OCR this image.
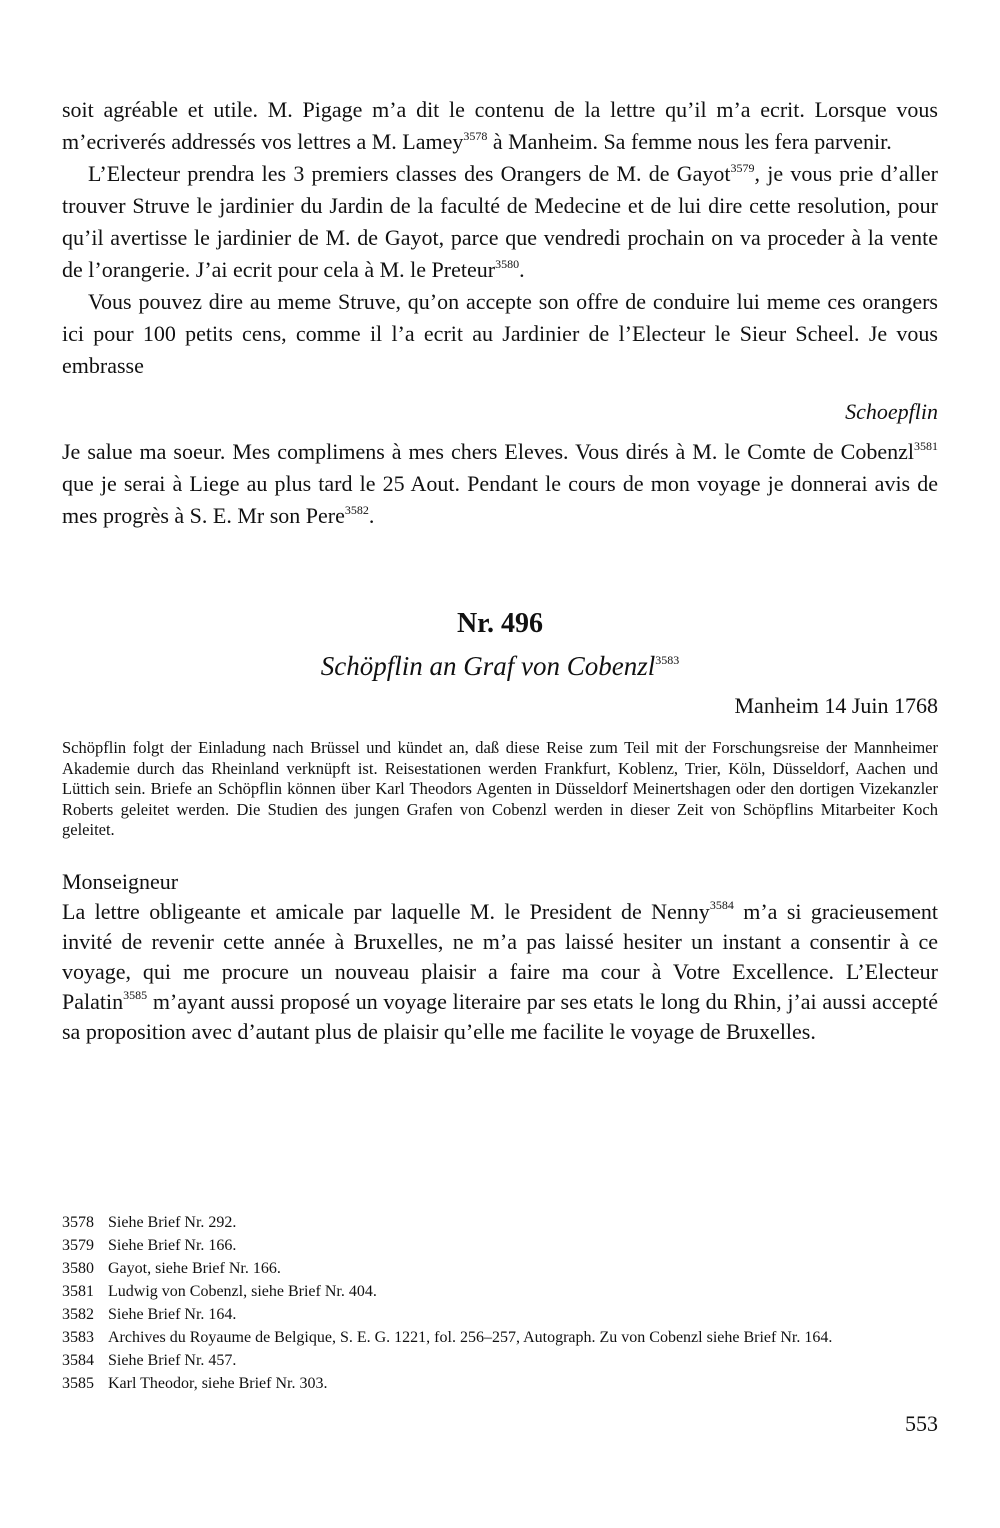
soit agréable et utile. M. Pigage m’a dit le contenu de la lettre qu’il m’a ecrit. Lorsque vous m’ecriverés addressés vos lettres a M. Lamey$^{3578}$ à Manheim. Sa femme nous les fera parvenir.

L’Electeur prendra les 3 premiers classes des Orangers de M. de Gayot$^{3579}$, je vous prie d’aller trouver Struve le jardinier du Jardin de la faculté de Medecine et de lui dire cette resolution, pour qu’il avertisse le jardinier de M. de Gayot, parce que vendredi prochain on va proceder à la vente de l’orangerie. J’ai ecrit pour cela à M. le Preteur$^{3580}$.

Vous pouvez dire au meme Struve, qu’on accepte son offre de conduire lui meme ces orangers ici pour 100 petits cens, comme il l’a ecrit au Jardinier de l’Electeur le Sieur Scheel. Je vous embrasse

Schoepflin

Je salue ma soeur. Mes complimens à mes chers Eleves. Vous dirés à M. le Comte de Cobenzl$^{3581}$ que je serai à Liege au plus tard le 25 Aout. Pendant le cours de mon voyage je donnerai avis de mes progrès à S. E. Mr son Pere$^{3582}$.

Nr. 496
Schöpflin an Graf von Cobenzl$^{3583}$
Manheim 14 Juin 1768
Schöpflin folgt der Einladung nach Brüssel und kündet an, daß diese Reise zum Teil mit der Forschungsreise der Mannheimer Akademie durch das Rheinland verknüpft ist. Reisestationen werden Frankfurt, Koblenz, Trier, Köln, Düsseldorf, Aachen und Lüttich sein. Briefe an Schöpflin können über Karl Theodors Agenten in Düsseldorf Meinertshagen oder den dortigen Vizekanzler Roberts geleitet werden. Die Studien des jungen Grafen von Cobenzl werden in dieser Zeit von Schöpflins Mitarbeiter Koch geleitet.
Monseigneur

La lettre obligeante et amicale par laquelle M. le President de Nenny$^{3584}$ m’a si gracieusement invité de revenir cette année à Bruxelles, ne m’a pas laissé hesiter un instant a consentir à ce voyage, qui me procure un nouveau plaisir a faire ma cour à Votre Excellence. L’Electeur Palatin$^{3585}$ m’ayant aussi proposé un voyage literaire par ses etats le long du Rhin, j’ai aussi accepté sa proposition avec d’autant plus de plaisir qu’elle me facilite le voyage de Bruxelles.

3578 Siehe Brief Nr. 292.
3579 Siehe Brief Nr. 166.
3580 Gayot, siehe Brief Nr. 166.
3581 Ludwig von Cobenzl, siehe Brief Nr. 404.
3582 Siehe Brief Nr. 164.
3583 Archives du Royaume de Belgique, S. E. G. 1221, fol. 256–257, Autograph. Zu von Cobenzl siehe Brief Nr. 164.
3584 Siehe Brief Nr. 457.
3585 Karl Theodor, siehe Brief Nr. 303.
553
